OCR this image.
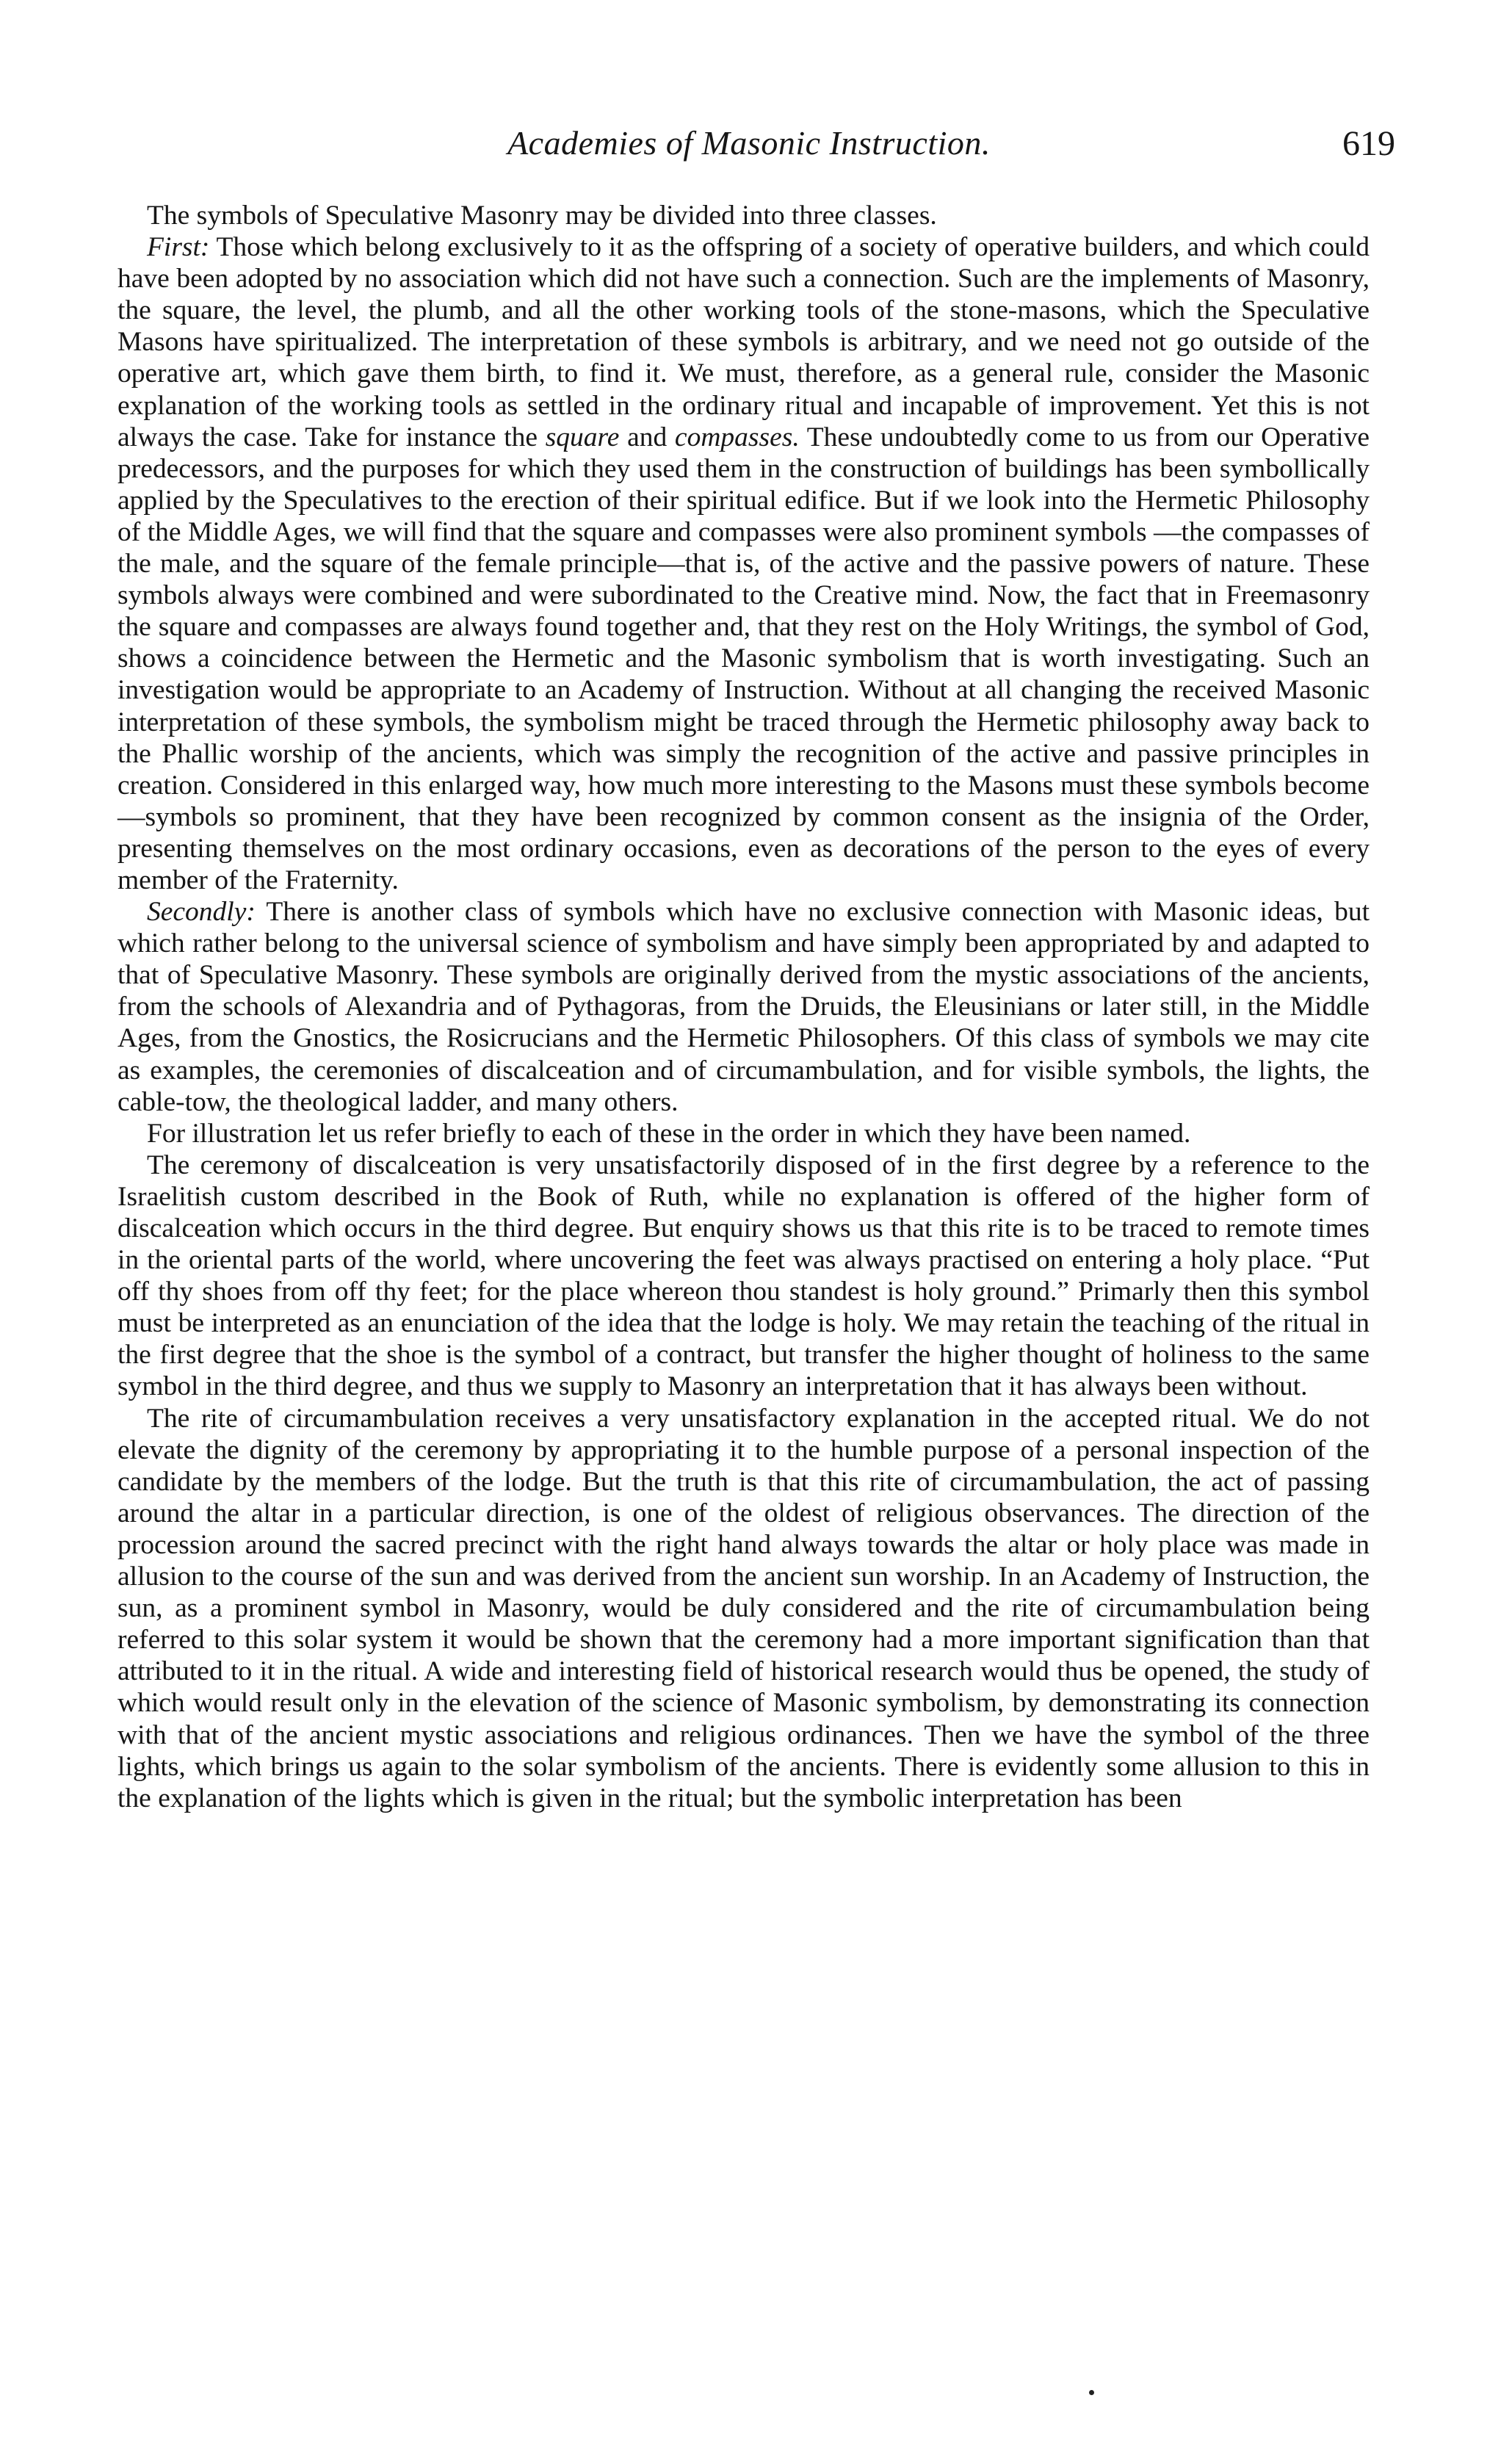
Academies of Masonic Instruction.	619

The symbols of Speculative Masonry may be divided into three classes.

First: Those which belong exclusively to it as the offspring of a society of operative builders, and which could have been adopted by no association which did not have such a connection. Such are the implements of Masonry, the square, the level, the plumb, and all the other working tools of the stone-masons, which the Speculative Masons have spiritualized. The interpretation of these symbols is arbitrary, and we need not go outside of the operative art, which gave them birth, to find it. We must, therefore, as a general rule, consider the Masonic explanation of the working tools as settled in the ordinary ritual and incapable of improvement. Yet this is not always the case. Take for instance the square and compasses. These undoubtedly come to us from our Operative predecessors, and the purposes for which they used them in the construction of buildings has been symbollically applied by the Speculatives to the erection of their spiritual edifice. But if we look into the Hermetic Philosophy of the Middle Ages, we will find that the square and compasses were also prominent symbols —the compasses of the male, and the square of the female principle—that is, of the active and the passive powers of nature. These symbols always were combined and were subordinated to the Creative mind. Now, the fact that in Freemasonry the square and compasses are always found together and, that they rest on the Holy Writings, the symbol of God, shows a coincidence between the Hermetic and the Masonic symbolism that is worth investigating. Such an investigation would be appropriate to an Academy of Instruction. Without at all changing the received Masonic interpretation of these symbols, the symbolism might be traced through the Hermetic philosophy away back to the Phallic worship of the ancients, which was simply the recognition of the active and passive principles in creation. Considered in this enlarged way, how much more interesting to the Masons must these symbols become—symbols so prominent, that they have been recognized by common consent as the insignia of the Order, presenting themselves on the most ordinary occasions, even as decorations of the person to the eyes of every member of the Fraternity.

Secondly: There is another class of symbols which have no exclusive connection with Masonic ideas, but which rather belong to the universal science of symbolism and have simply been appropriated by and adapted to that of Speculative Masonry. These symbols are originally derived from the mystic associations of the ancients, from the schools of Alexandria and of Pythagoras, from the Druids, the Eleusinians or later still, in the Middle Ages, from the Gnostics, the Rosicrucians and the Hermetic Philosophers. Of this class of symbols we may cite as examples, the ceremonies of discalceation and of circumambulation, and for visible symbols, the lights, the cable-tow, the theological ladder, and many others.

For illustration let us refer briefly to each of these in the order in which they have been named.

The ceremony of discalceation is very unsatisfactorily disposed of in the first degree by a reference to the Israelitish custom described in the Book of Ruth, while no explanation is offered of the higher form of discalceation which occurs in the third degree. But enquiry shows us that this rite is to be traced to remote times in the oriental parts of the world, where uncovering the feet was always practised on entering a holy place. “Put off thy shoes from off thy feet; for the place whereon thou standest is holy ground.” Primarly then this symbol must be interpreted as an enunciation of the idea that the lodge is holy. We may retain the teaching of the ritual in the first degree that the shoe is the symbol of a contract, but transfer the higher thought of holiness to the same symbol in the third degree, and thus we supply to Masonry an interpretation that it has always been without.

The rite of circumambulation receives a very unsatisfactory explanation in the accepted ritual. We do not elevate the dignity of the ceremony by appropriating it to the humble purpose of a personal inspection of the candidate by the members of the lodge. But the truth is that this rite of circumambulation, the act of passing around the altar in a particular direction, is one of the oldest of religious observances. The direction of the procession around the sacred precinct with the right hand always towards the altar or holy place was made in allusion to the course of the sun and was derived from the ancient sun worship. In an Academy of Instruction, the sun, as a prominent symbol in Masonry, would be duly considered and the rite of circumambulation being referred to this solar system it would be shown that the ceremony had a more important signification than that attributed to it in the ritual. A wide and interesting field of historical research would thus be opened, the study of which would result only in the elevation of the science of Masonic symbolism, by demonstrating its connection with that of the ancient mystic associations and religious ordinances. Then we have the symbol of the three lights, which brings us again to the solar symbolism of the ancients. There is evidently some allusion to this in the explanation of the lights which is given in the ritual; but the symbolic interpretation has been
